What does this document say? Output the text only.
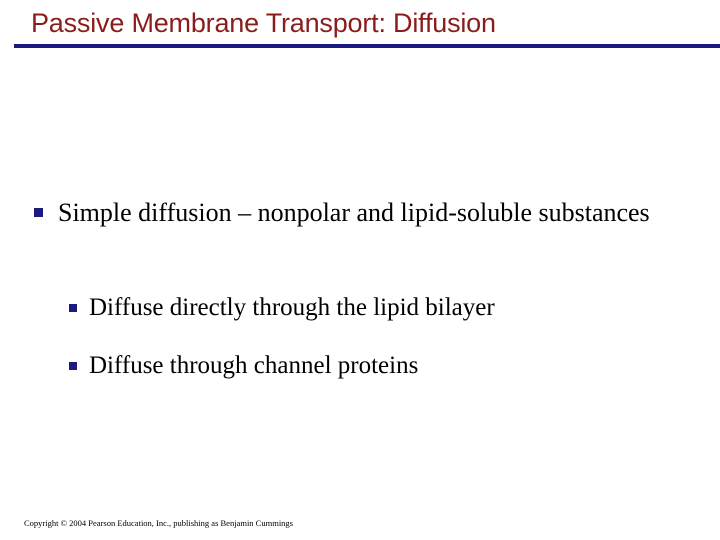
Passive Membrane Transport: Diffusion
Simple diffusion – nonpolar and lipid-soluble substances
Diffuse directly through the lipid bilayer
Diffuse through channel proteins
Copyright © 2004 Pearson Education, Inc., publishing as Benjamin Cummings
